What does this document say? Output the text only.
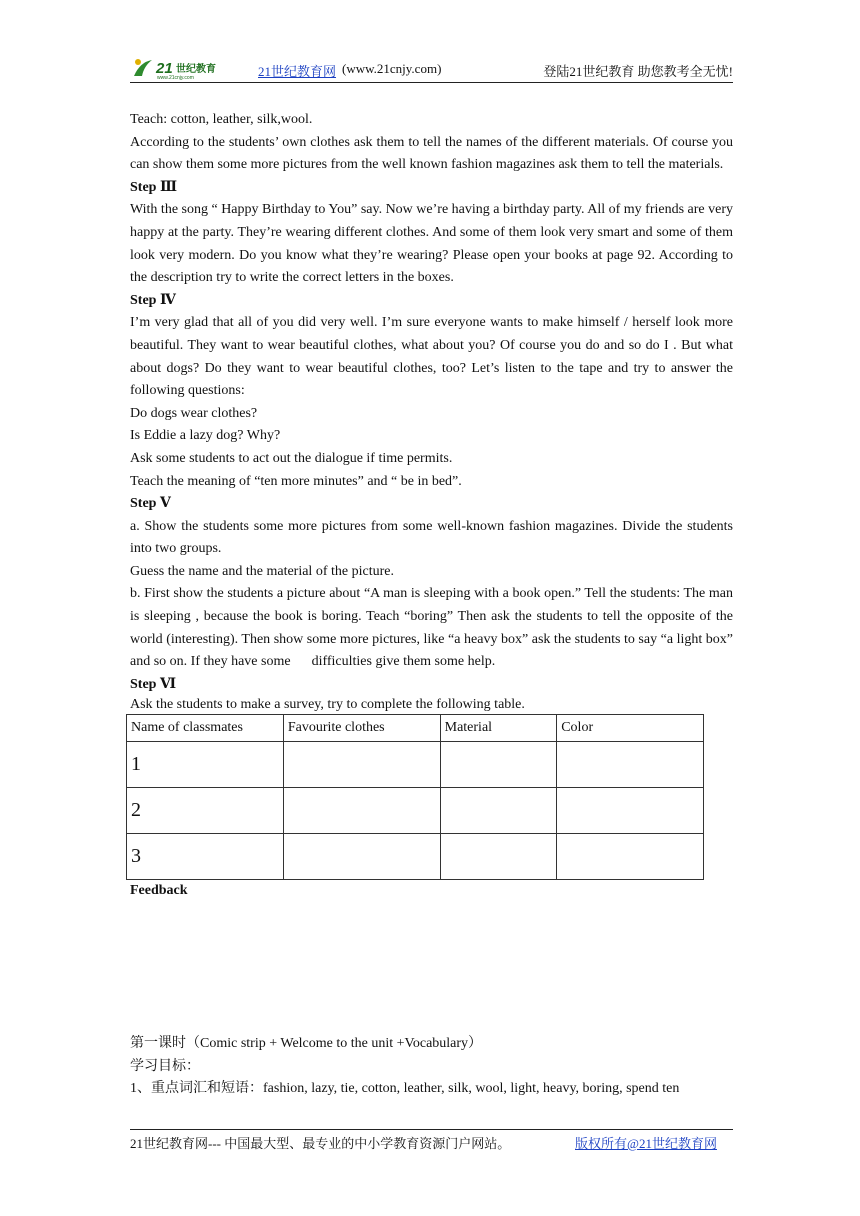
21 世纪教育
www.21cnjy.com	21世纪教育网 (www.21cnjy.com)	登陆21世纪教育 助您教考全无忧!

Teach: cotton, leather, silk,wool.

According to the students’ own clothes ask them to tell the names of the different materials. Of course you can show them some more pictures from the well known fashion magazines ask them to tell the materials.

Step Ⅲ

With the song “ Happy Birthday to You” say. Now we’re having a birthday party. All of my friends are very happy at the party. They’re wearing different clothes. And some of them look very smart and some of them look very modern. Do you know what they’re wearing? Please open your books at page 92. According to the description try to write the correct letters in the boxes.

Step Ⅳ

I’m very glad that all of you did very well. I’m sure everyone wants to make himself / herself look more beautiful. They want to wear beautiful clothes, what about you? Of course you do and so do I . But what about dogs? Do they want to wear beautiful clothes, too? Let’s listen to the tape and try to answer the following questions:

Do dogs wear clothes?

Is Eddie a lazy dog? Why?

Ask some students to act out the dialogue if time permits.

Teach the meaning of “ten more minutes” and “ be in bed”.

Step Ⅴ

a. Show the students some more pictures from some well-known fashion magazines. Divide the students into two groups.

Guess the name and the material of the picture.

b. First show the students a picture about “A man is sleeping with a book open.” Tell the students: The man is sleeping , because the book is boring. Teach “boring” Then ask the students to tell the opposite of the world (interesting). Then show some more pictures, like “a heavy box” ask the students to say “a light box” and so on. If they have some      difficulties give them some help.

Step Ⅵ

Ask the students to make a survey, try to complete the following table.

Name of classmates	Favourite clothes	Material	Color
1			
2			
3			

Feedback

第一课时（Comic strip + Welcome to the unit +Vocabulary）

学习目标：

1、重点词汇和短语：fashion, lazy, tie, cotton, leather, silk, wool, light, heavy, boring, spend ten

21世纪教育网--- 中国最大型、最专业的中小学教育资源门户网站。	版权所有@21世纪教育网
